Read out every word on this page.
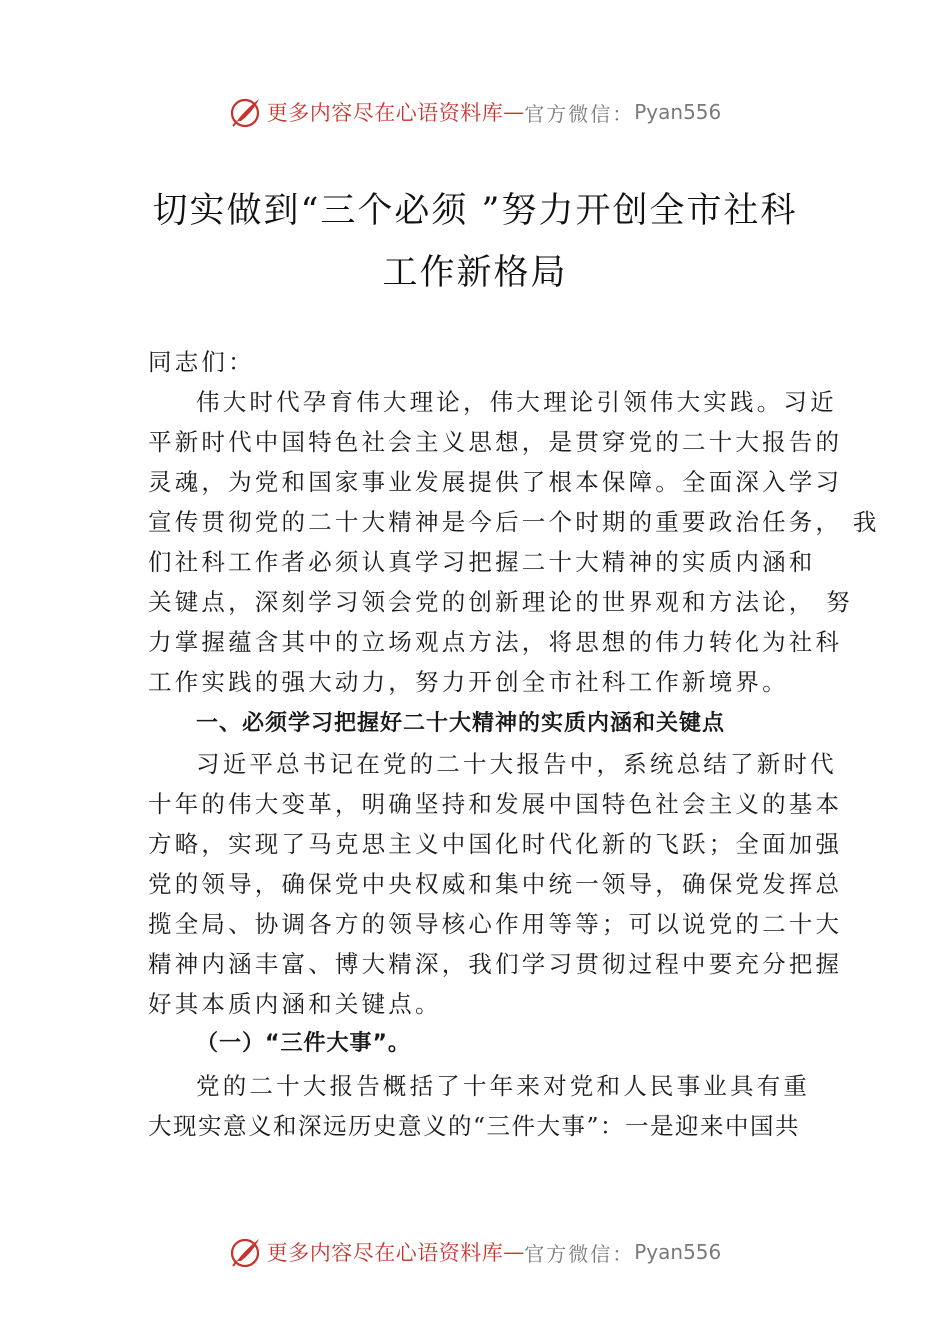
更多内容尽在心语资料库 — 官方微信： Pyan556
切实做到“三个必须 ”努力开创全市社科
工作新格局
同志们：
伟大时代孕育伟大理论，伟大理论引领伟大实践。习近
平新时代中国特色社会主义思想，是贯穿党的二十大报告的
灵魂，为党和国家事业发展提供了根本保障。全面深入学习
宣传贯彻党的二十大精神是今后一个时期的重要政治任务， 我
们社科工作者必须认真学习把握二十大精神的实质内涵和
关键点，深刻学习领会党的创新理论的世界观和方法论， 努
力掌握蕴含其中的立场观点方法，将思想的伟力转化为社科
工作实践的强大动力，努力开创全市社科工作新境界。
一、必须学习把握好二十大精神的实质内涵和关键点
习近平总书记在党的二十大报告中，系统总结了新时代
十年的伟大变革，明确坚持和发展中国特色社会主义的基本
方略，实现了马克思主义中国化时代化新的飞跃；全面加强
党的领导，确保党中央权威和集中统一领导，确保党发挥总
揽全局、协调各方的领导核心作用等等；可以说党的二十大
精神内涵丰富、博大精深，我们学习贯彻过程中要充分把握
好其本质内涵和关键点。
（一）“三件大事”。
党的二十大报告概括了十年来对党和人民事业具有重
大现实意义和深远历史意义的“三件大事”：一是迎来中国共
更多内容尽在心语资料库 — 官方微信： Pyan556
